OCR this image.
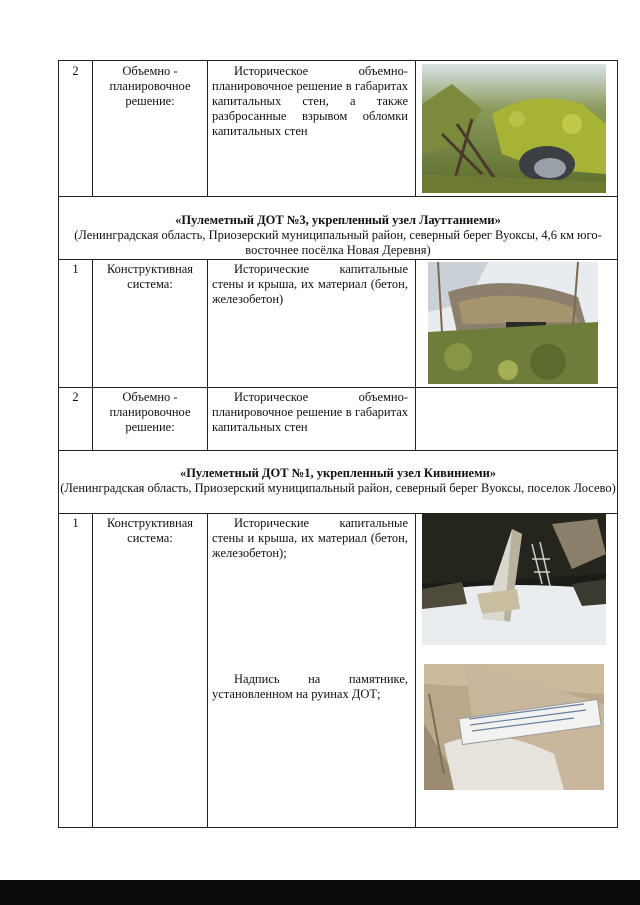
2	Объемно - планировочное решение:
Историческое объемно-планировочное решение в габаритах капитальных стен, а также разбросанные взрывом обломки капитальных стен
«Пулеметный ДОТ №3, укрепленный узел Лауттаниеми»
(Ленинградская область, Приозерский муниципальный район, северный берег Вуоксы, 4,6 км юго-восточнее посёлка Новая Деревня)
1	Конструктивная система:
Исторические капитальные стены и крыша, их материал (бетон, железобетон)
2	Объемно - планировочное решение:
Историческое объемно-планировочное решение в габаритах капитальных стен
«Пулеметный ДОТ №1, укрепленный узел Кивиниеми»
(Ленинградская область, Приозерский муниципальный район, северный берег Вуоксы, поселок Лосево)
1	Конструктивная система:
Исторические капитальные стены и крыша, их материал (бетон, железобетон);
Надпись на памятнике, установленном на руинах ДОТ;
